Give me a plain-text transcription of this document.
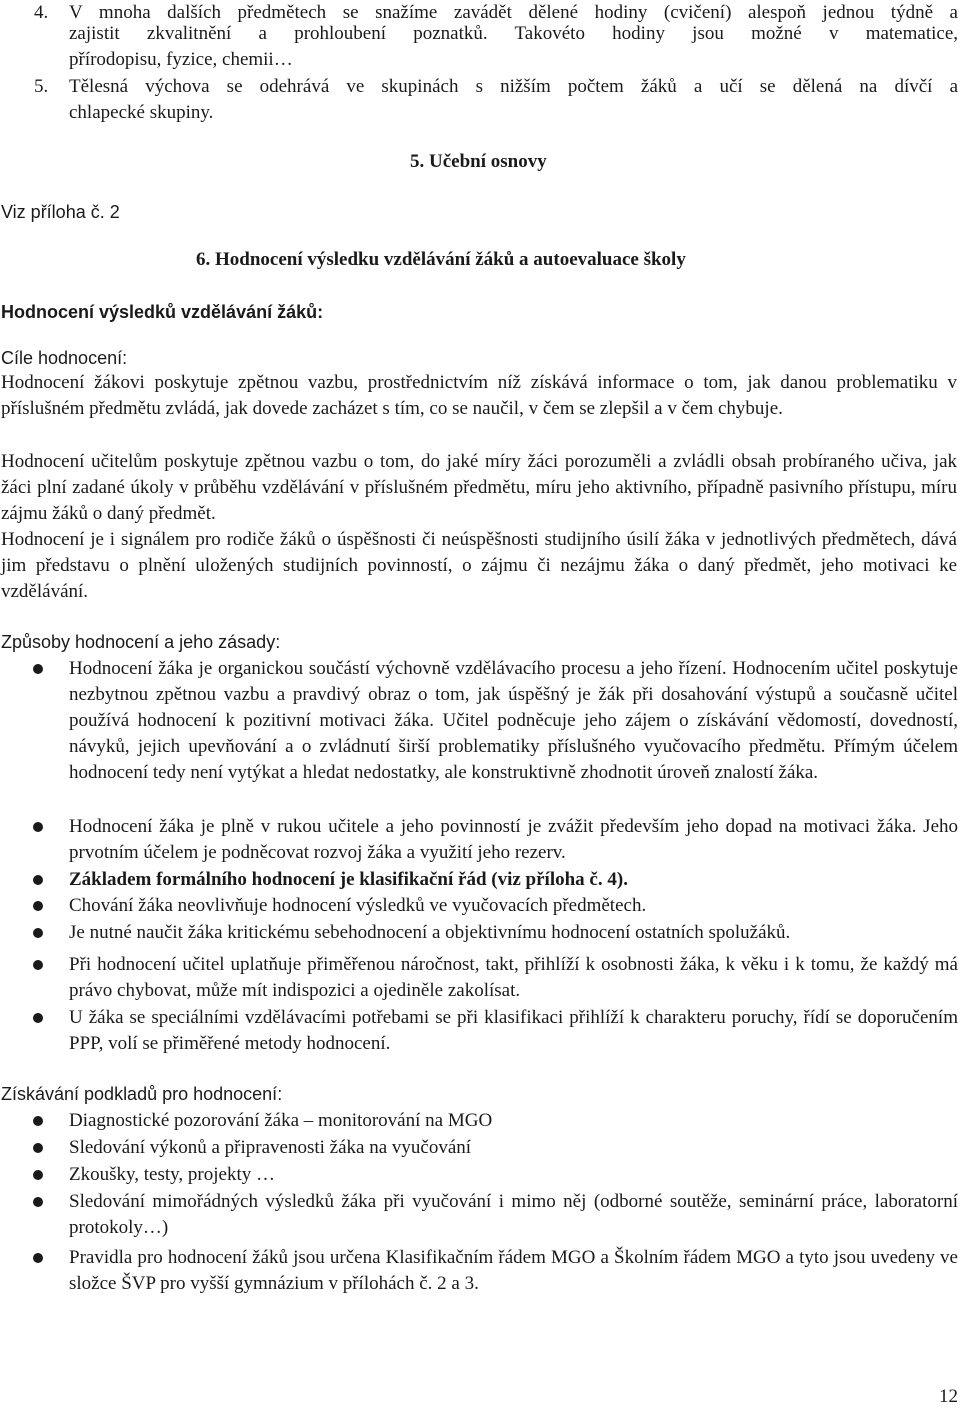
4. V mnoha dalších předmětech se snažíme zavádět dělené hodiny (cvičení) alespoň jednou týdně a
zajistit zkvalitnění a prohloubení poznatků. Takovéto hodiny jsou možné v matematice,
přírodopisu, fyzice, chemii…
5. Tělesná výchova se odehrává ve skupinách s nižším počtem žáků a učí se dělená na dívčí a
chlapecké skupiny.
5. Učební osnovy
Viz příloha č. 2
6. Hodnocení výsledku vzdělávání žáků a autoevaluace školy
Hodnocení výsledků vzdělávání žáků:
Cíle hodnocení:
Hodnocení žákovi poskytuje zpětnou vazbu, prostřednictvím níž získává informace o tom, jak danou problematiku v příslušném předmětu zvládá, jak dovede zacházet s tím, co se naučil, v čem se zlepšil a v čem chybuje.
Hodnocení učitelům poskytuje zpětnou vazbu o tom, do jaké míry žáci porozuměli a zvládli obsah probíraného učiva, jak žáci plní zadané úkoly v průběhu vzdělávání v příslušném předmětu, míru jeho aktivního, případně pasivního přístupu, míru zájmu žáků o daný předmět.
Hodnocení je i signálem pro rodiče žáků o úspěšnosti či neúspěšnosti studijního úsilí žáka v jednotlivých předmětech, dává jim představu o plnění uložených studijních povinností, o zájmu či nezájmu žáka o daný předmět, jeho motivaci ke vzdělávání.
Způsoby hodnocení a jeho zásady:
Hodnocení žáka je organickou součástí výchovně vzdělávacího procesu a jeho řízení. Hodnocením učitel poskytuje nezbytnou zpětnou vazbu a pravdivý obraz o tom, jak úspěšný je žák při dosahování výstupů a současně učitel používá hodnocení k pozitivní motivaci žáka. Učitel podněcuje jeho zájem o získávání vědomostí, dovedností, návyků, jejich upevňování a o zvládnutí širší problematiky příslušného vyučovacího předmětu. Přímým účelem hodnocení tedy není vytýkat a hledat nedostatky, ale konstruktivně zhodnotit úroveň znalostí žáka.
Hodnocení žáka je plně v rukou učitele a jeho povinností je zvážit především jeho dopad na motivaci žáka. Jeho prvotním účelem je podněcovat rozvoj žáka a využití jeho rezerv.
Základem formálního hodnocení je klasifikační řád (viz příloha č. 4).
Chování žáka neovlivňuje hodnocení výsledků ve vyučovacích předmětech.
Je nutné naučit žáka kritickému sebehodnocení a objektivnímu hodnocení ostatních spolužáků.
Při hodnocení učitel uplatňuje přiměřenou náročnost, takt, přihlíží k osobnosti žáka, k věku i k tomu, že každý má právo chybovat, může mít indispozici a ojediněle zakolísat.
U žáka se speciálními vzdělávacími potřebami se při klasifikaci přihlíží k charakteru poruchy, řídí se doporučením PPP, volí se přiměřené metody hodnocení.
Získávání podkladů pro hodnocení:
Diagnostické pozorování žáka – monitorování na MGO
Sledování výkonů a připravenosti žáka na vyučování
Zkoušky, testy, projekty …
Sledování mimořádných výsledků žáka při vyučování i mimo něj (odborné soutěže, seminární práce, laboratorní protokoly…)
Pravidla pro hodnocení žáků jsou určena Klasifikačním řádem MGO a Školním řádem MGO a tyto jsou uvedeny ve složce ŠVP pro vyšší gymnázium v přílohách č. 2 a 3.
12
